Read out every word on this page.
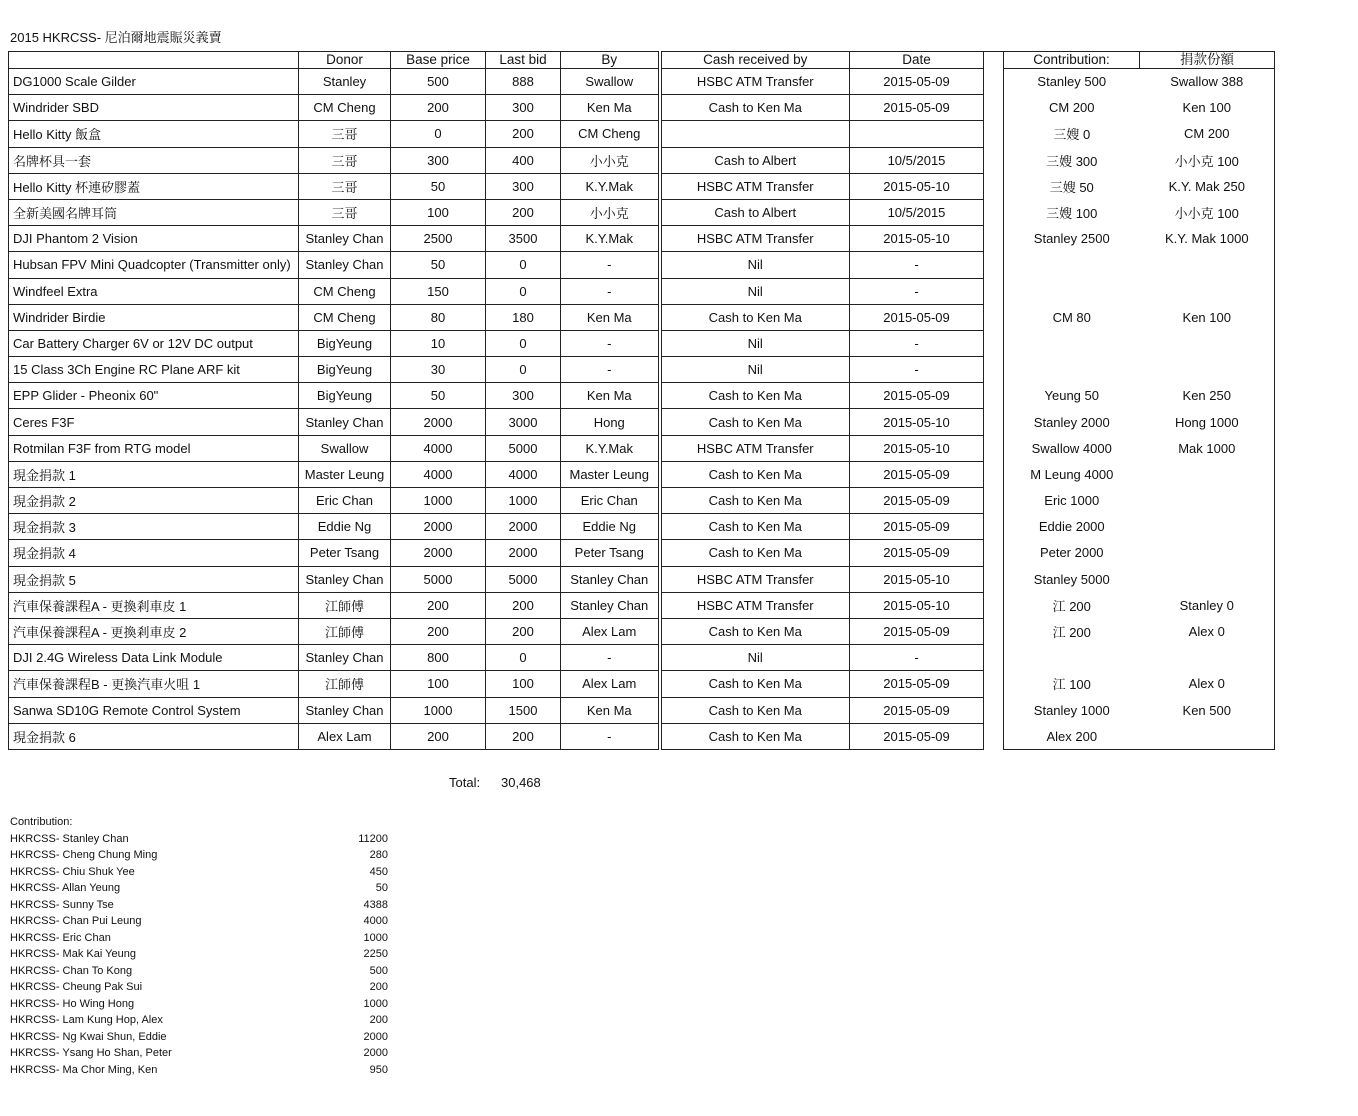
2015 HKRCSS- 尼泊爾地震賑災義賣
	Donor	Base price	Last bid	By	Cash received by	Date		Contribution:	捐款份額
DG1000 Scale Gilder	Stanley	500	888	Swallow	HSBC ATM Transfer	2015-05-09		Stanley 500	Swallow 388
Windrider SBD	CM Cheng	200	300	Ken Ma	Cash to Ken Ma	2015-05-09		CM 200	Ken 100
Hello Kitty 飯盒	三哥	0	200	CM Cheng				三嫂 0	CM 200
名牌杯具一套	三哥	300	400	小小克	Cash to Albert	10/5/2015		三嫂 300	小小克 100
Hello Kitty 杯連矽膠蓋	三哥	50	300	K.Y.Mak	HSBC ATM Transfer	2015-05-10		三嫂 50	K.Y. Mak 250
全新美國名牌耳筒	三哥	100	200	小小克	Cash to Albert	10/5/2015		三嫂 100	小小克 100
DJI Phantom 2 Vision	Stanley Chan	2500	3500	K.Y.Mak	HSBC ATM Transfer	2015-05-10		Stanley 2500	K.Y. Mak 1000
Hubsan FPV Mini Quadcopter (Transmitter only)	Stanley Chan	50	0	-	Nil	-			
Windfeel Extra	CM Cheng	150	0	-	Nil	-			
Windrider Birdie	CM Cheng	80	180	Ken Ma	Cash to Ken Ma	2015-05-09		CM 80	Ken 100
Car Battery Charger 6V or 12V DC output	BigYeung	10	0	-	Nil	-			
15 Class 3Ch Engine RC Plane ARF kit	BigYeung	30	0	-	Nil	-			
EPP Glider - Pheonix 60"	BigYeung	50	300	Ken Ma	Cash to Ken Ma	2015-05-09		Yeung 50	Ken 250
Ceres F3F	Stanley Chan	2000	3000	Hong	Cash to Ken Ma	2015-05-10		Stanley 2000	Hong 1000
Rotmilan F3F from RTG model	Swallow	4000	5000	K.Y.Mak	HSBC ATM Transfer	2015-05-10		Swallow 4000	Mak 1000
現金捐款 1	Master Leung	4000	4000	Master Leung	Cash to Ken Ma	2015-05-09		M Leung 4000	
現金捐款 2	Eric Chan	1000	1000	Eric Chan	Cash to Ken Ma	2015-05-09		Eric 1000	
現金捐款 3	Eddie Ng	2000	2000	Eddie Ng	Cash to Ken Ma	2015-05-09		Eddie 2000	
現金捐款 4	Peter Tsang	2000	2000	Peter Tsang	Cash to Ken Ma	2015-05-09		Peter 2000	
現金捐款 5	Stanley Chan	5000	5000	Stanley Chan	HSBC ATM Transfer	2015-05-10		Stanley 5000	
汽車保養課程A - 更換剎車皮 1	江師傅	200	200	Stanley Chan	HSBC ATM Transfer	2015-05-10		江 200	Stanley 0
汽車保養課程A - 更換剎車皮 2	江師傅	200	200	Alex Lam	Cash to Ken Ma	2015-05-09		江 200	Alex 0
DJI 2.4G Wireless Data Link Module	Stanley Chan	800	0	-	Nil	-			
汽車保養課程B - 更換汽車火咀 1	江師傅	100	100	Alex Lam	Cash to Ken Ma	2015-05-09		江 100	Alex 0
Sanwa SD10G Remote Control System	Stanley Chan	1000	1500	Ken Ma	Cash to Ken Ma	2015-05-09		Stanley 1000	Ken 500
現金捐款 6	Alex Lam	200	200	-	Cash to Ken Ma	2015-05-09		Alex 200	
Total: 30,468
Contribution:
HKRCSS- Stanley Chan	11200
HKRCSS- Cheng Chung Ming	280
HKRCSS- Chiu Shuk Yee	450
HKRCSS- Allan Yeung	50
HKRCSS- Sunny Tse	4388
HKRCSS- Chan Pui Leung	4000
HKRCSS- Eric Chan	1000
HKRCSS- Mak Kai Yeung	2250
HKRCSS- Chan To Kong	500
HKRCSS- Cheung Pak Sui	200
HKRCSS- Ho Wing Hong	1000
HKRCSS- Lam Kung Hop, Alex	200
HKRCSS- Ng Kwai Shun, Eddie	2000
HKRCSS- Ysang Ho Shan, Peter	2000
HKRCSS- Ma Chor Ming, Ken	950
